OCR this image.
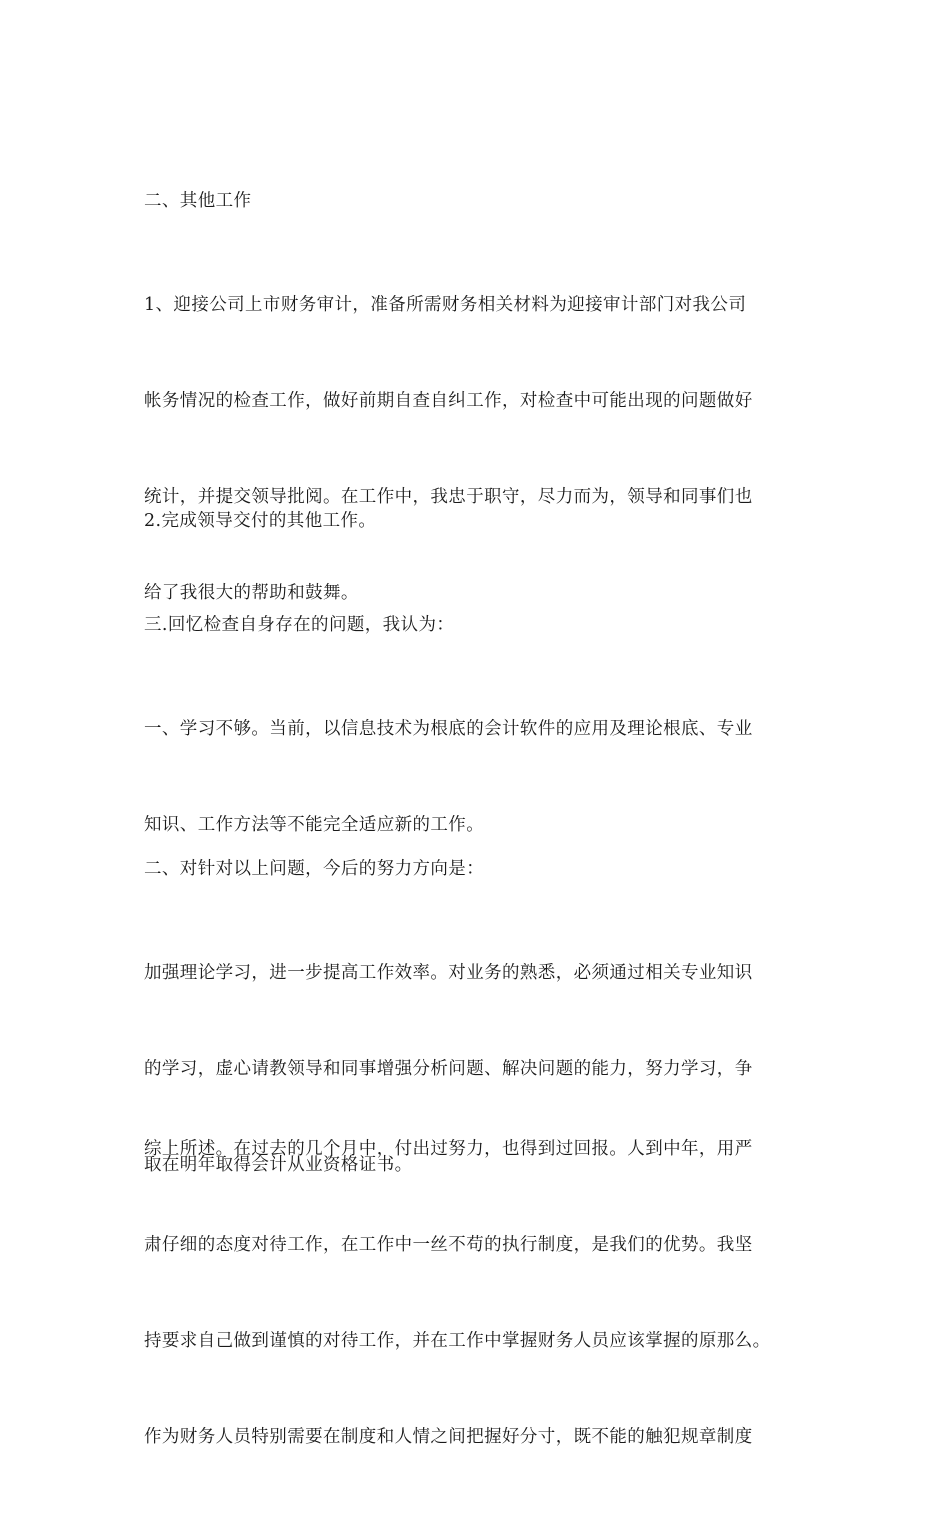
二、其他工作

1、迎接公司上市财务审计，准备所需财务相关材料为迎接审计部门对我公司

帐务情况的检查工作，做好前期自查自纠工作，对检查中可能出现的问题做好

统计，并提交领导批阅。在工作中，我忠于职守，尽力而为，领导和同事们也

给了我很大的帮助和鼓舞。

2.完成领导交付的其他工作。

三.回忆检查自身存在的问题，我认为：

一、学习不够。当前，以信息技术为根底的会计软件的应用及理论根底、专业

知识、工作方法等不能完全适应新的工作。

二、对针对以上问题，今后的努力方向是：

加强理论学习，进一步提高工作效率。对业务的熟悉，必须通过相关专业知识

的学习，虚心请教领导和同事增强分析问题、解决问题的能力，努力学习，争

取在明年取得会计从业资格证书。

综上所述。在过去的几个月中，付出过努力，也得到过回报。人到中年，用严

肃仔细的态度对待工作，在工作中一丝不苟的执行制度，是我们的优势。我坚

持要求自己做到谨慎的对待工作，并在工作中掌握财务人员应该掌握的原那么。

作为财务人员特别需要在制度和人情之间把握好分寸，既不能的触犯规章制度
